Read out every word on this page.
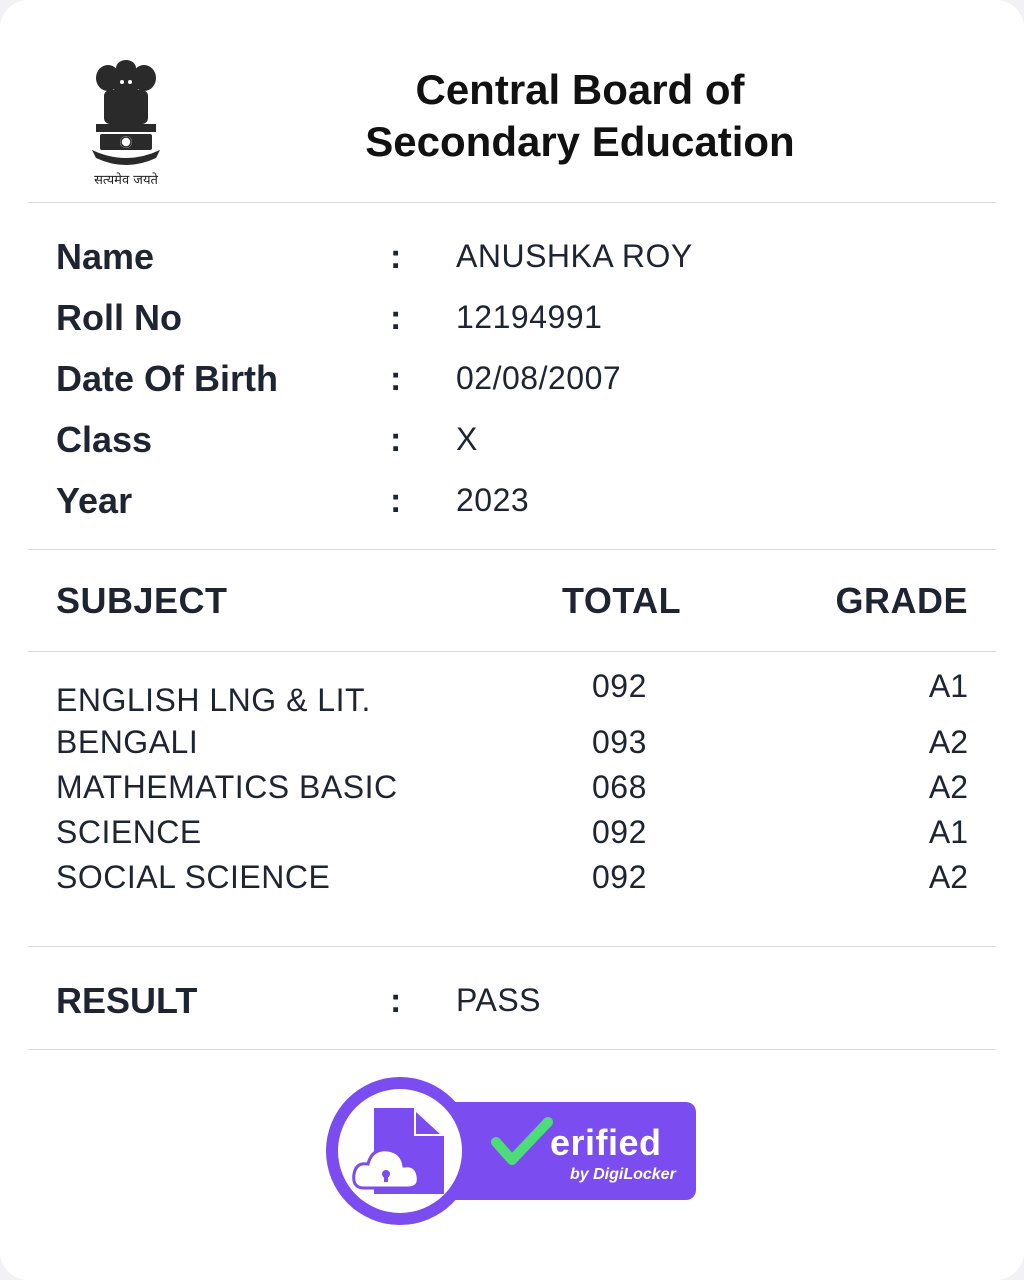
सत्यमेव जयते
Central Board of
Secondary Education
Name	: ANUSHKA ROY
Roll No	: 12194991
Date Of Birth	: 02/08/2007
Class	: X
Year	: 2023
SUBJECT	TOTAL	GRADE
ENGLISH LNG & LIT.	092	A1
BENGALI	093	A2
MATHEMATICS BASIC	068	A2
SCIENCE	092	A1
SOCIAL SCIENCE	092	A2
RESULT	: PASS
erified
by DigiLocker
